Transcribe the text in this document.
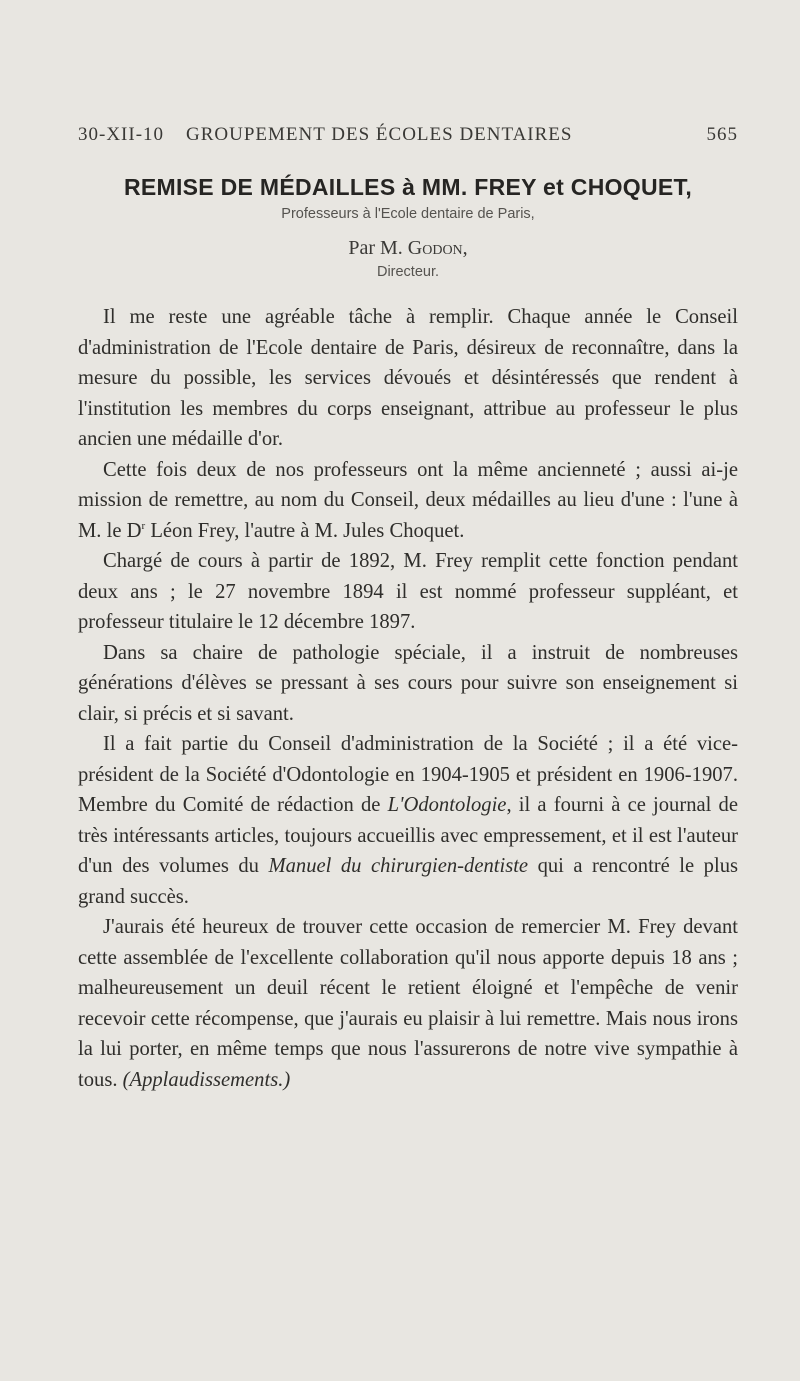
30-XII-10 GROUPEMENT DES ÉCOLES DENTAIRES	565
REMISE DE MÉDAILLES à MM. FREY et CHOQUET,
Professeurs à l'Ecole dentaire de Paris,
Par M. Godon,
Directeur.

Il me reste une agréable tâche à remplir. Chaque année le Conseil d'administration de l'Ecole dentaire de Paris, désireux de reconnaître, dans la mesure du possible, les services dévoués et désintéressés que rendent à l'institution les membres du corps enseignant, attribue au professeur le plus ancien une médaille d'or.

Cette fois deux de nos professeurs ont la même ancienneté ; aussi ai-je mission de remettre, au nom du Conseil, deux médailles au lieu d'une : l'une à M. le $D^r$ Léon Frey, l'autre à M. Jules Choquet.

Chargé de cours à partir de 1892, M. Frey remplit cette fonction pendant deux ans ; le 27 novembre 1894 il est nommé professeur suppléant, et professeur titulaire le 12 décembre 1897.

Dans sa chaire de pathologie spéciale, il a instruit de nombreuses générations d'élèves se pressant à ses cours pour suivre son enseignement si clair, si précis et si savant.

Il a fait partie du Conseil d'administration de la Société ; il a été vice-président de la Société d'Odontologie en 1904-1905 et président en 1906-1907. Membre du Comité de rédaction de L'Odontologie, il a fourni à ce journal de très intéressants articles, toujours accueillis avec empressement, et il est l'auteur d'un des volumes du Manuel du chirurgien-dentiste qui a rencontré le plus grand succès.

J'aurais été heureux de trouver cette occasion de remercier M. Frey devant cette assemblée de l'excellente collaboration qu'il nous apporte depuis 18 ans ; malheureusement un deuil récent le retient éloigné et l'empêche de venir recevoir cette récompense, que j'aurais eu plaisir à lui remettre. Mais nous irons la lui porter, en même temps que nous l'assurerons de notre vive sympathie à tous. (Applaudissements.)
